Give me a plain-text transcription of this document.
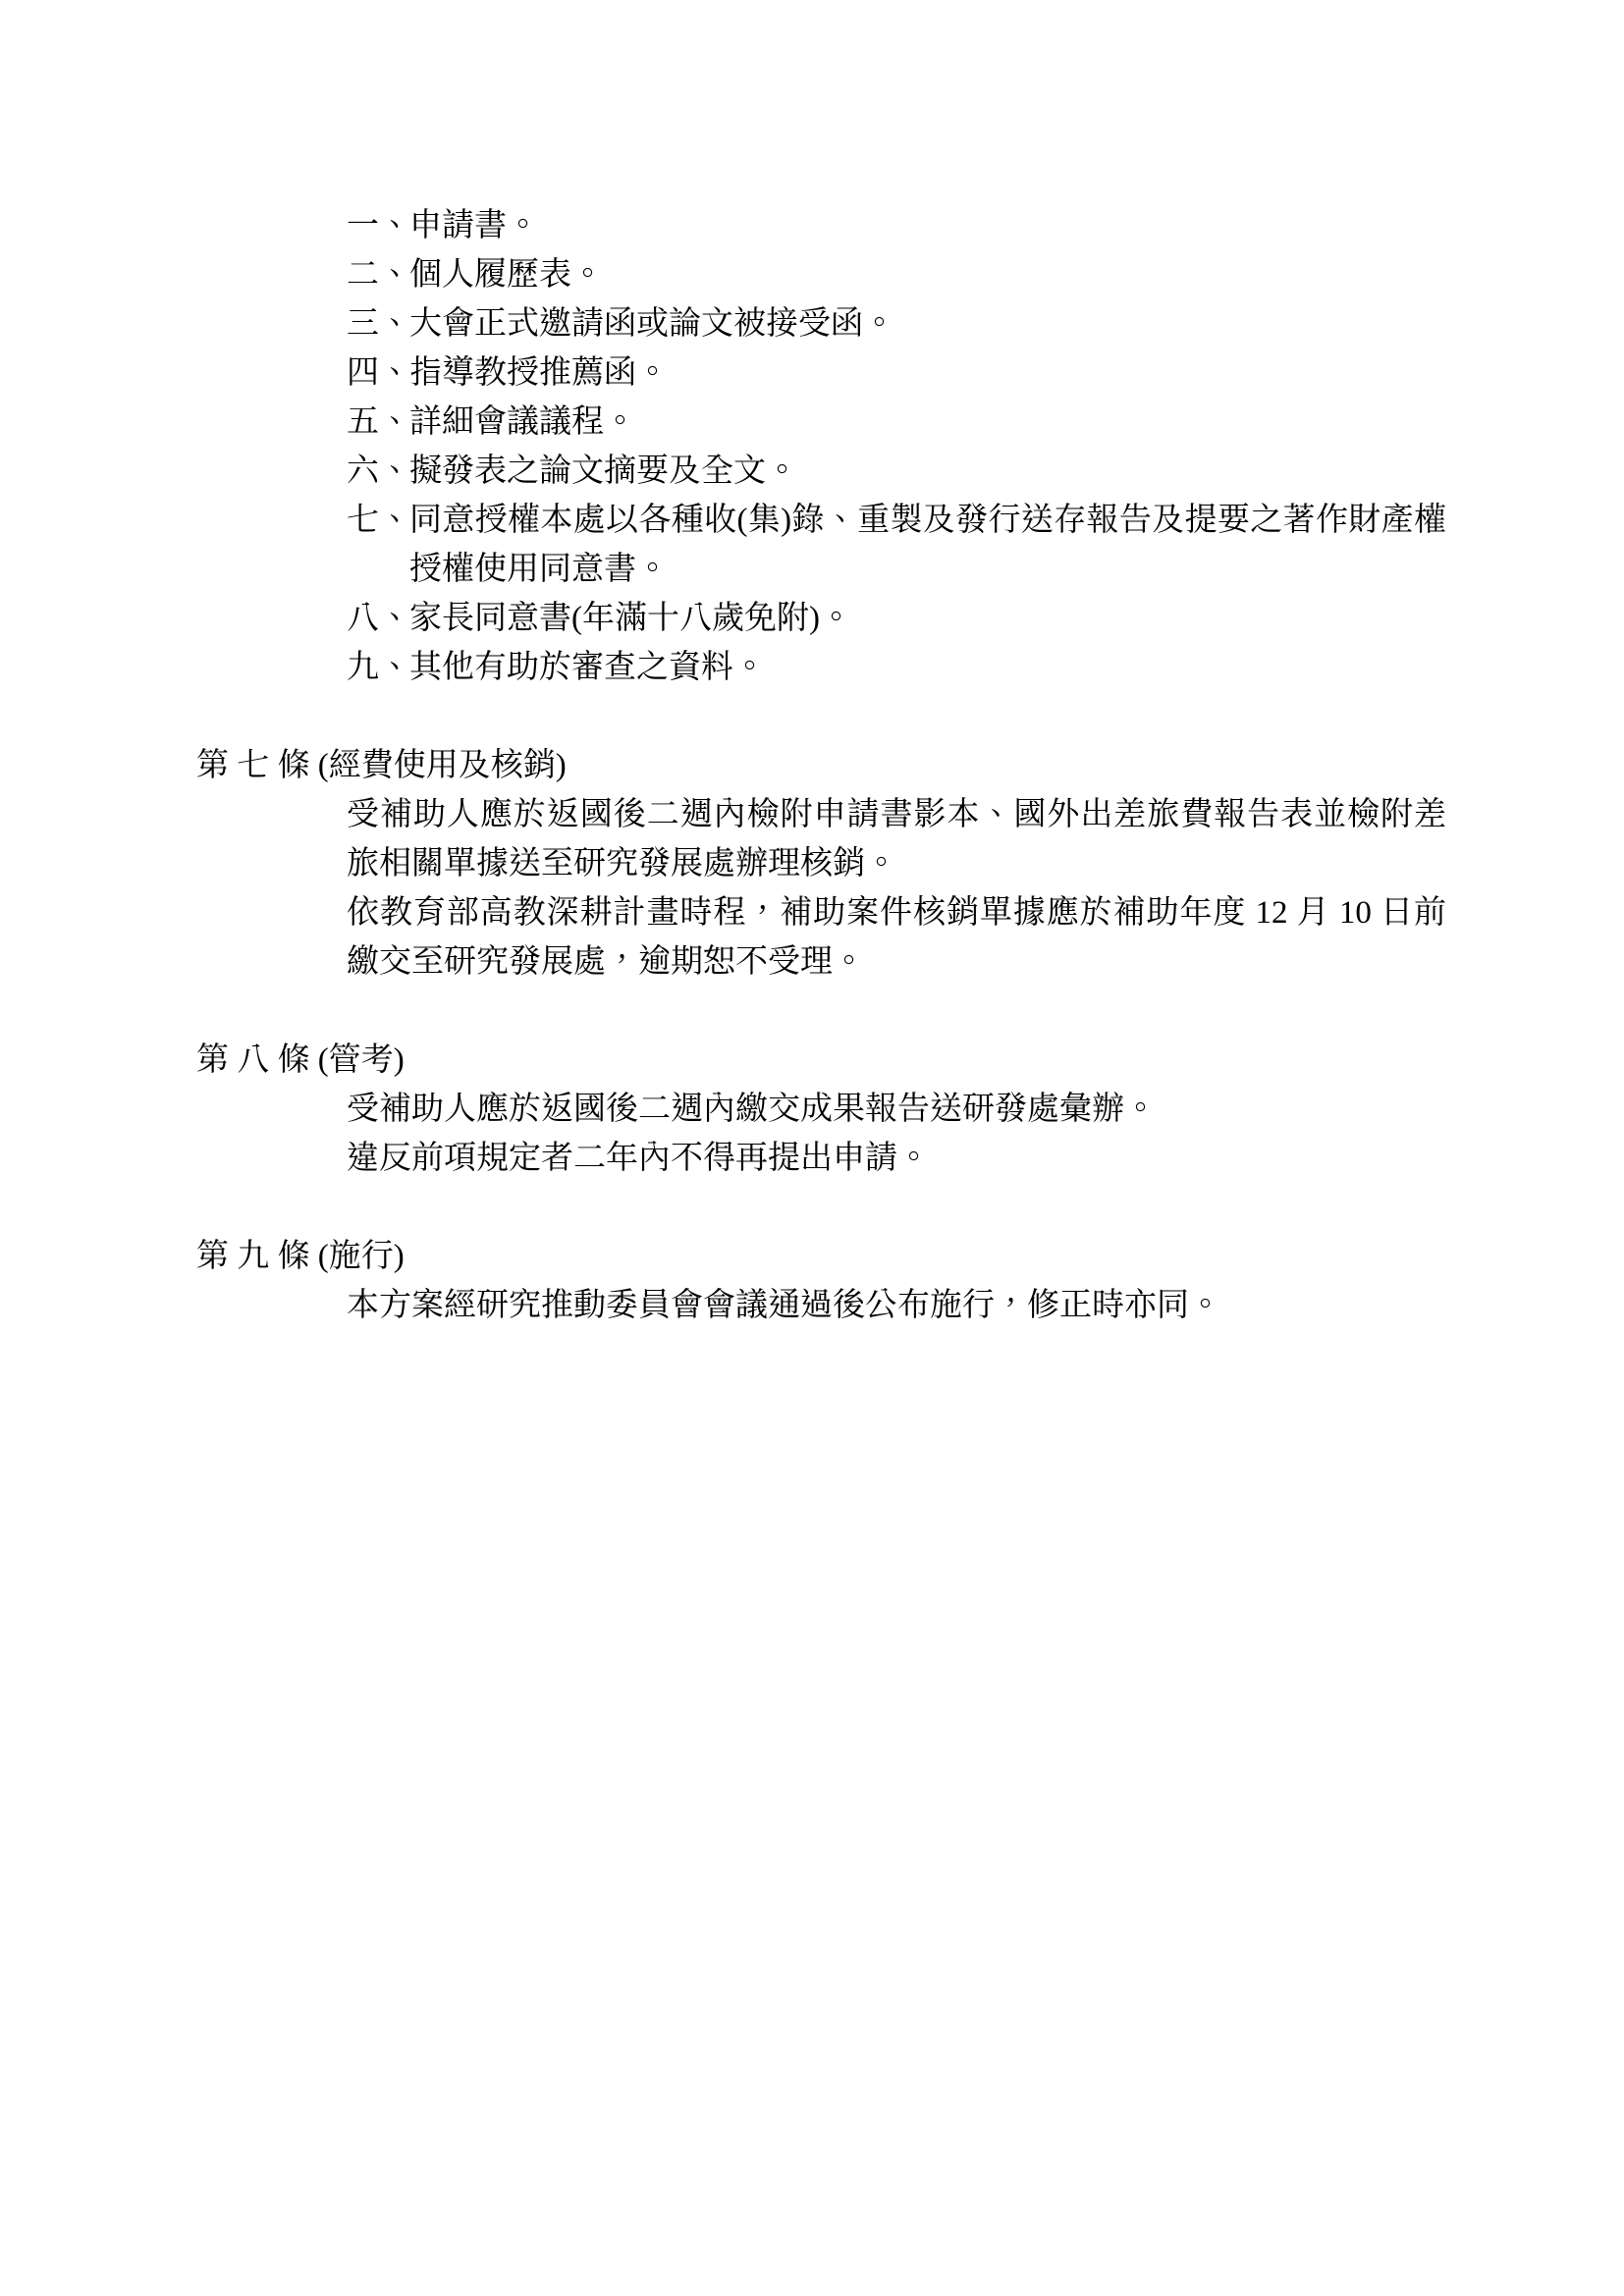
一、
申請書。
二、
個人履歷表。
三、
大會正式邀請函或論文被接受函。
四、
指導教授推薦函。
五、
詳細會議議程。
六、
擬發表之論文摘要及全文。
七、
同意授權本處以各種收(集)錄、重製及發行送存報告及提要之著作財產權授權使用同意書。
八、
家長同意書(年滿十八歲免附)。
九、
其他有助於審查之資料。
第 七 條 (經費使用及核銷)

受補助人應於返國後二週內檢附申請書影本、國外出差旅費報告表並檢附差旅相關單據送至研究發展處辦理核銷。

依教育部高教深耕計畫時程，補助案件核銷單據應於補助年度 12 月 10 日前繳交至研究發展處，逾期恕不受理。

第 八 條 (管考)

受補助人應於返國後二週內繳交成果報告送研發處彙辦。

違反前項規定者二年內不得再提出申請。

第 九 條 (施行)

本方案經研究推動委員會會議通過後公布施行，修正時亦同。
